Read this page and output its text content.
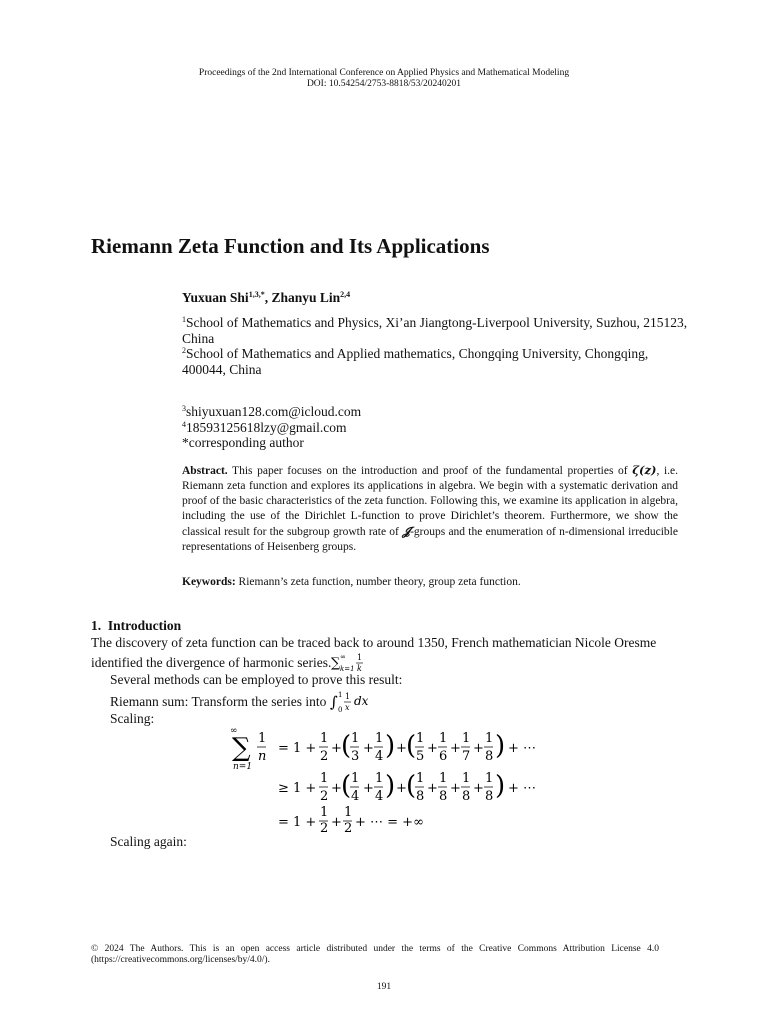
Proceedings of the 2nd International Conference on Applied Physics and Mathematical Modeling
DOI: 10.54254/2753-8818/53/20240201
Riemann Zeta Function and Its Applications
Yuxuan Shi$^{1,3,*}$, Zhanyu Lin$^{2,4}$
$^1$School of Mathematics and Physics, Xi’an Jiangtong-Liverpool University, Suzhou, 215123, China
$^2$School of Mathematics and Applied mathematics, Chongqing University, Chongqing, 400044, China
$^3$shiyuxuan128.com@icloud.com
$^4$18593125618lzy@gmail.com
*corresponding author
Abstract. This paper focuses on the introduction and proof of the fundamental properties of ζ(z), i.e. Riemann zeta function and explores its applications in algebra. We begin with a systematic derivation and proof of the basic characteristics of the zeta function. Following this, we examine its application in algebra, including the use of the Dirichlet L-function to prove Dirichlet’s theorem. Furthermore, we show the classical result for the subgroup growth rate of 𝓙-groups and the enumeration of n-dimensional irreducible representations of Heisenberg groups.
Keywords: Riemann’s zeta function, number theory, group zeta function.
1. Introduction
The discovery of zeta function can be traced back to around 1350, French mathematician Nicole Oresme identified the divergence of harmonic series. ∑ ∞
k=1
1
k
Several methods can be employed to prove this result:
Riemann sum: Transform the series into ∫ 1
0
1
x dx
Scaling:
∞
∑
n=1
1
n
= 1 +
1
2
+ ( 1
3
+
1
4 ) + ( 1
5
+
1
6
+
1
7
+
1
8 ) + ⋯
≥ 1 +
1
2
+ ( 1
4
+
1
4 ) + ( 1
8
+
1
8
+
1
8
+
1
8 ) + ⋯
= 1 +
1
2 +
1
2 + ⋯ = +∞
Scaling again:
© 2024 The Authors. This is an open access article distributed under the terms of the Creative Commons Attribution License 4.0 (https://creativecommons.org/licenses/by/4.0/).
191
